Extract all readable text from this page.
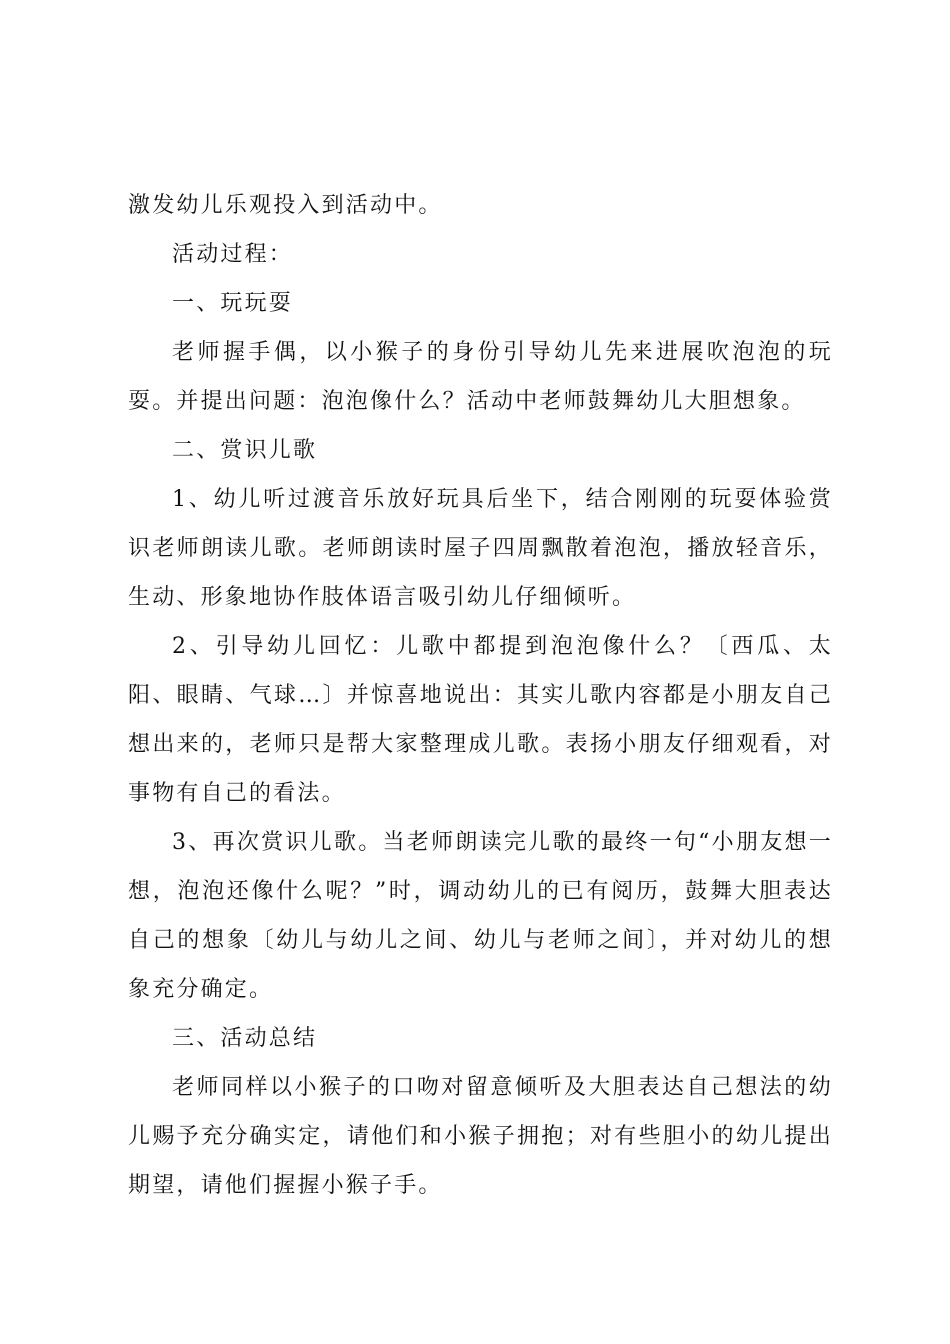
激发幼儿乐观投入到活动中。

活动过程：

一、玩玩耍

老师握手偶，以小猴子的身份引导幼儿先来进展吹泡泡的玩耍。并提出问题：泡泡像什么？活动中老师鼓舞幼儿大胆想象。

二、赏识儿歌

1、幼儿听过渡音乐放好玩具后坐下，结合刚刚的玩耍体验赏识老师朗读儿歌。老师朗读时屋子四周飘散着泡泡，播放轻音乐，生动、形象地协作肢体语言吸引幼儿仔细倾听。

2、引导幼儿回忆：儿歌中都提到泡泡像什么？〔西瓜、太阳、眼睛、气球…〕并惊喜地说出：其实儿歌内容都是小朋友自己想出来的，老师只是帮大家整理成儿歌。表扬小朋友仔细观看，对事物有自己的看法。

3、再次赏识儿歌。当老师朗读完儿歌的最终一句“小朋友想一想，泡泡还像什么呢？”时，调动幼儿的已有阅历，鼓舞大胆表达自己的想象〔幼儿与幼儿之间、幼儿与老师之间〕，并对幼儿的想象充分确定。

三、活动总结

老师同样以小猴子的口吻对留意倾听及大胆表达自己想法的幼儿赐予充分确实定，请他们和小猴子拥抱；对有些胆小的幼儿提出期望，请他们握握小猴子手。
